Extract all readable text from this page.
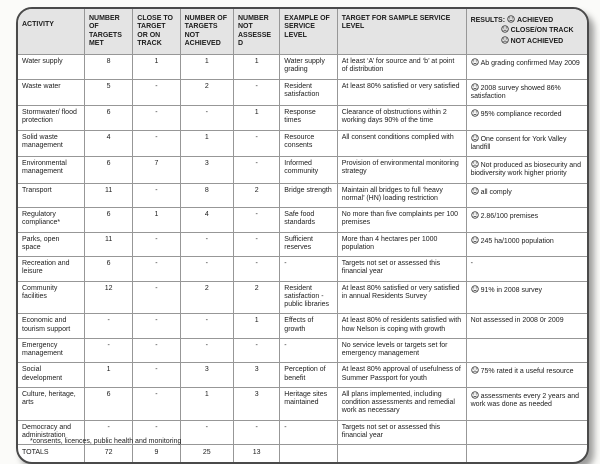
ACTIVITY	NUMBER OF TARGETS MET	CLOSE TO TARGET OR ON TRACK	NUMBER OF TARGETS NOT ACHIEVED	NUMBER NOT ASSESSED	EXAMPLE OF SERVICE LEVEL	TARGET FOR SAMPLE SERVICE LEVEL	RESULTS: ACHIEVED
CLOSE/ON TRACK
NOT ACHIEVED

Water supply	8	1	1	1	Water supply grading	At least ‘A’ for source and ‘b’ at point of distribution	Ab grading confirmed May 2009
Waste water	5	-	2	-	Resident satisfaction	At least 80% satisfied or very satisfied	2008 survey showed 86% satisfaction
Stormwater/ flood protection	6	-	-	1	Response times	Clearance of obstructions within 2 working days 90% of the time	95% compliance recorded
Solid waste management	4	-	1	-	Resource consents	All consent conditions complied with	One consent for York Valley landfill
Environmental management	6	7	3	-	Informed community	Provision of environmental monitoring strategy	Not produced as biosecurity and biodiversity work higher priority
Transport	11	-	8	2	Bridge strength	Maintain all bridges to full ‘heavy normal’ (HN) loading restriction	all comply
Regulatory compliance*	6	1	4	-	Safe food standards	No more than five complaints per 100 premises	2.86/100 premises
Parks, open space	11	-	-	-	Sufficient reserves	More than 4 hectares per 1000 population	245 ha/1000 population
Recreation and leisure	6	-	-	-	-	Targets not set or assessed this financial year	-
Community facilities	12	-	2	2	Resident satisfaction -public libraries	At least 80% satisfied or very satisfied in annual Residents Survey	91% in 2008 survey
Economic and tourism support	-	-	-	1	Effects of growth	At least 80% of residents satisfied with how Nelson is coping with growth	Not assessed in 2008 0r 2009
Emergency management	-	-	-	-	-	No service levels or targets set for emergency management	
Social development	1	-	3	3	Perception of benefit	At least 80% approval of usefulness of Summer Passport for youth	75% rated it a useful resource
Culture, heritage, arts	6	-	1	3	Heritage sites maintained	All plans implemented, including condition assessments and remedial work as necessary	assessments every 2 years and work was done as needed
Democracy and administration	-	-	-	-	-	Targets not set or assessed this financial year	
TOTALS	72	9	25	13			
*consents, licences, public health and monitoring
